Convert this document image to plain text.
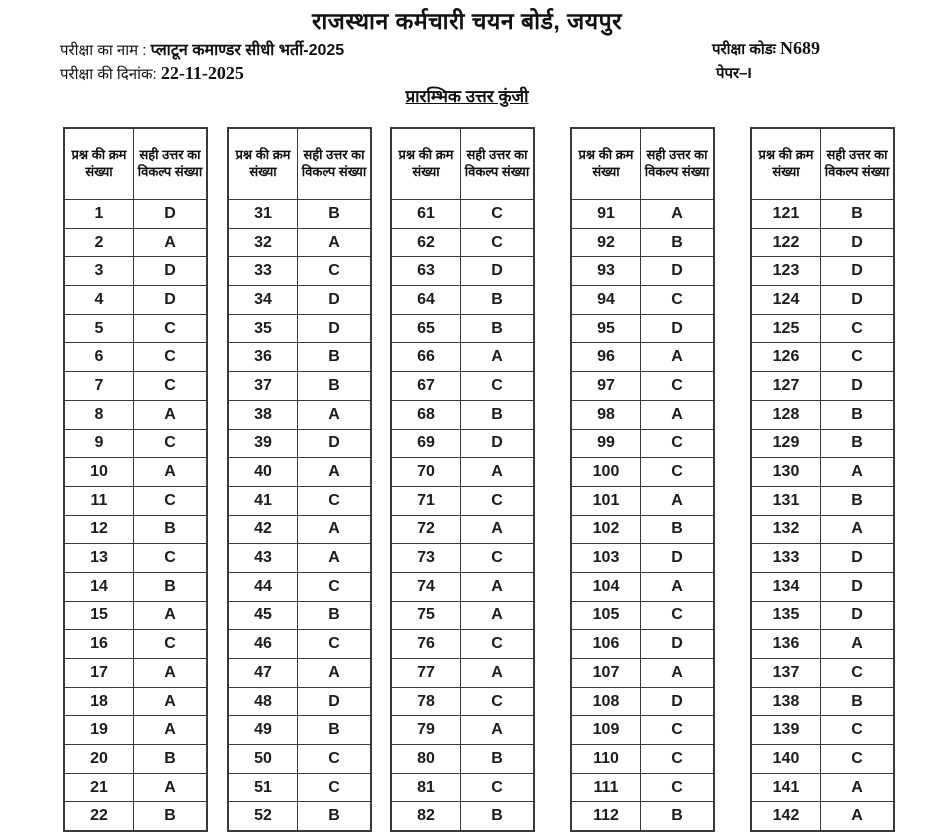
राजस्थान कर्मचारी चयन बोर्ड, जयपुर
परीक्षा का नाम : प्लाटून कमाण्डर सीधी भर्ती-2025	परीक्षा कोडः N689
परीक्षा की दिनांक: 22-11-2025	पेपर–I
प्रारम्भिक उत्तर कुंजी
प्रश्न की क्रम संख्या	सही उत्तर का विकल्प संख्या
1	D
2	A
3	D
4	D
5	C
6	C
7	C
8	A
9	C
10	A
11	C
12	B
13	C
14	B
15	A
16	C
17	A
18	A
19	A
20	B
21	A
22	B
प्रश्न की क्रम संख्या	सही उत्तर का विकल्प संख्या
31	B
32	A
33	C
34	D
35	D
36	B
37	B
38	A
39	D
40	A
41	C
42	A
43	A
44	C
45	B
46	C
47	A
48	D
49	B
50	C
51	C
52	B
प्रश्न की क्रम संख्या	सही उत्तर का विकल्प संख्या
61	C
62	C
63	D
64	B
65	B
66	A
67	C
68	B
69	D
70	A
71	C
72	A
73	C
74	A
75	A
76	C
77	A
78	C
79	A
80	B
81	C
82	B
प्रश्न की क्रम संख्या	सही उत्तर का विकल्प संख्या
91	A
92	B
93	D
94	C
95	D
96	A
97	C
98	A
99	C
100	C
101	A
102	B
103	D
104	A
105	C
106	D
107	A
108	D
109	C
110	C
111	C
112	B
प्रश्न की क्रम संख्या	सही उत्तर का विकल्प संख्या
121	B
122	D
123	D
124	D
125	C
126	C
127	D
128	B
129	B
130	A
131	B
132	A
133	D
134	D
135	D
136	A
137	C
138	B
139	C
140	C
141	A
142	A
